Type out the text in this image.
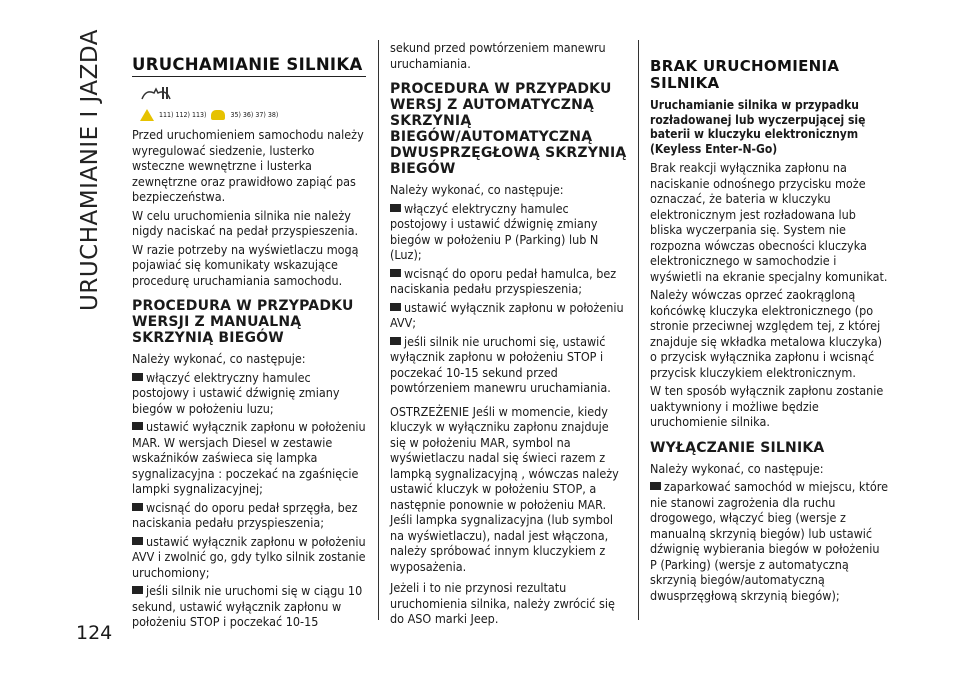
URUCHAMIANIE I JAZDA
124
URUCHAMIANIE SILNIKA
111) 112) 113)	35) 36) 37) 38)

Przed uruchomieniem samochodu należy wyregulować siedzenie, lusterko wsteczne wewnętrzne i lusterka zewnętrzne oraz prawidłowo zapiąć pas bezpieczeństwa.

W celu uruchomienia silnika nie należy nigdy naciskać na pedał przyspieszenia.

W razie potrzeby na wyświetlaczu mogą pojawiać się komunikaty wskazujące procedurę uruchamiania samochodu.

PROCEDURA W PRZYPADKU WERSJI Z MANUALNĄ SKRZYNIĄ BIEGÓW

Należy wykonać, co następuje:

włączyć elektryczny hamulec postojowy i ustawić dźwignię zmiany biegów w położeniu luzu;

ustawić wyłącznik zapłonu w położeniu MAR. W wersjach Diesel w zestawie wskaźników zaświeca się lampka sygnalizacyjna : poczekać na zgaśnięcie lampki sygnalizacyjnej;

wcisnąć do oporu pedał sprzęgła, bez naciskania pedału przyspieszenia;

ustawić wyłącznik zapłonu w położeniu AVV i zwolnić go, gdy tylko silnik zostanie uruchomiony;

jeśli silnik nie uruchomi się w ciągu 10 sekund, ustawić wyłącznik zapłonu w położeniu STOP i poczekać 10-15

sekund przed powtórzeniem manewru uruchamiania.

PROCEDURA W PRZYPADKU WERSJ Z AUTOMATYCZNĄ SKRZYNIĄ BIEGÓW/AUTOMATYCZNĄ DWUSPRZĘGŁOWĄ SKRZYNIĄ BIEGÓW

Należy wykonać, co następuje:

włączyć elektryczny hamulec postojowy i ustawić dźwignię zmiany biegów w położeniu P (Parking) lub N (Luz);

wcisnąć do oporu pedał hamulca, bez naciskania pedału przyspieszenia;

ustawić wyłącznik zapłonu w położeniu AVV;

jeśli silnik nie uruchomi się, ustawić wyłącznik zapłonu w położeniu STOP i poczekać 10-15 sekund przed powtórzeniem manewru uruchamiania.

OSTRZEŻENIE Jeśli w momencie, kiedy kluczyk w wyłączniku zapłonu znajduje się w położeniu MAR, symbol na wyświetlaczu nadal się świeci razem z lampką sygnalizacyjną , wówczas należy ustawić kluczyk w położeniu STOP, a następnie ponownie w położeniu MAR. Jeśli lampka sygnalizacyjna (lub symbol na wyświetlaczu), nadal jest włączona, należy spróbować innym kluczykiem z wyposażenia.

Jeżeli i to nie przynosi rezultatu uruchomienia silnika, należy zwrócić się do ASO marki Jeep.

BRAK URUCHOMIENIA SILNIKA

Uruchamianie silnika w przypadku rozładowanej lub wyczerpującej się baterii w kluczyku elektronicznym (Keyless Enter-N-Go)

Brak reakcji wyłącznika zapłonu na naciskanie odnośnego przycisku może oznaczać, że bateria w kluczyku elektronicznym jest rozładowana lub bliska wyczerpania się. System nie rozpozna wówczas obecności kluczyka elektronicznego w samochodzie i wyświetli na ekranie specjalny komunikat.

Należy wówczas oprzeć zaokrągloną końcówkę kluczyka elektronicznego (po stronie przeciwnej względem tej, z której znajduje się wkładka metalowa kluczyka) o przycisk wyłącznika zapłonu i wcisnąć przycisk kluczykiem elektronicznym.

W ten sposób wyłącznik zapłonu zostanie uaktywniony i możliwe będzie uruchomienie silnika.

WYŁĄCZANIE SILNIKA

Należy wykonać, co następuje:

zaparkować samochód w miejscu, które nie stanowi zagrożenia dla ruchu drogowego, włączyć bieg (wersje z manualną skrzynią biegów) lub ustawić dźwignię wybierania biegów w położeniu P (Parking) (wersje z automatyczną skrzynią biegów/automatyczną dwusprzęgłową skrzynią biegów);
